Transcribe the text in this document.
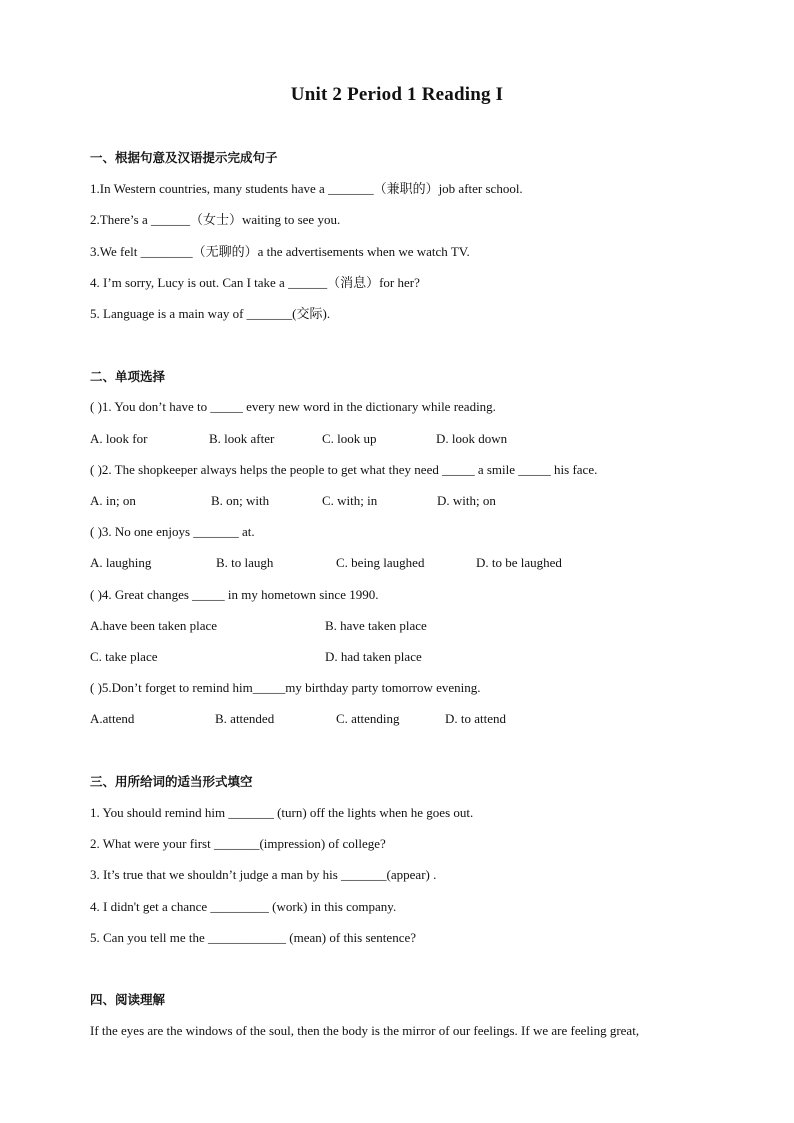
Unit 2 Period 1 Reading I
一、根据句意及汉语提示完成句子
1.In Western countries, many students have a _______（兼职的）job after school.
2.There’s a ______（女士）waiting to see you.
3.We felt ________（无聊的）a the advertisements when we watch TV.
4. I’m sorry, Lucy is out. Can I take a ______（消息）for her?
5. Language is a main way of _______(交际).
二、单项选择
( )1. You don’t have to _____ every new word in the dictionary while reading.
A. look for	B. look after	C. look up	D. look down
( )2. The shopkeeper always helps the people to get what they need _____ a smile _____ his face.
A. in; on	B. on; with	C. with; in	D. with; on
( )3. No one enjoys _______ at.
A. laughing	B. to laugh	C. being laughed	D. to be laughed
( )4. Great changes _____ in my hometown since 1990.
A.have been taken place	B. have taken place
C. take place	D. had taken place
( )5.Don’t forget to remind him_____my birthday party tomorrow evening.
A.attend	B. attended	C. attending	D. to attend
三、用所给词的适当形式填空
1. You should remind him _______ (turn) off the lights when he goes out.
2. What were your first _______(impression) of college?
3. It’s true that we shouldn’t judge a man by his _______(appear) .
4. I didn't get a chance _________ (work) in this company.
5. Can you tell me the ____________ (mean) of this sentence?
四、阅读理解
If the eyes are the windows of the soul, then the body is the mirror of our feelings. If we are feeling great,
